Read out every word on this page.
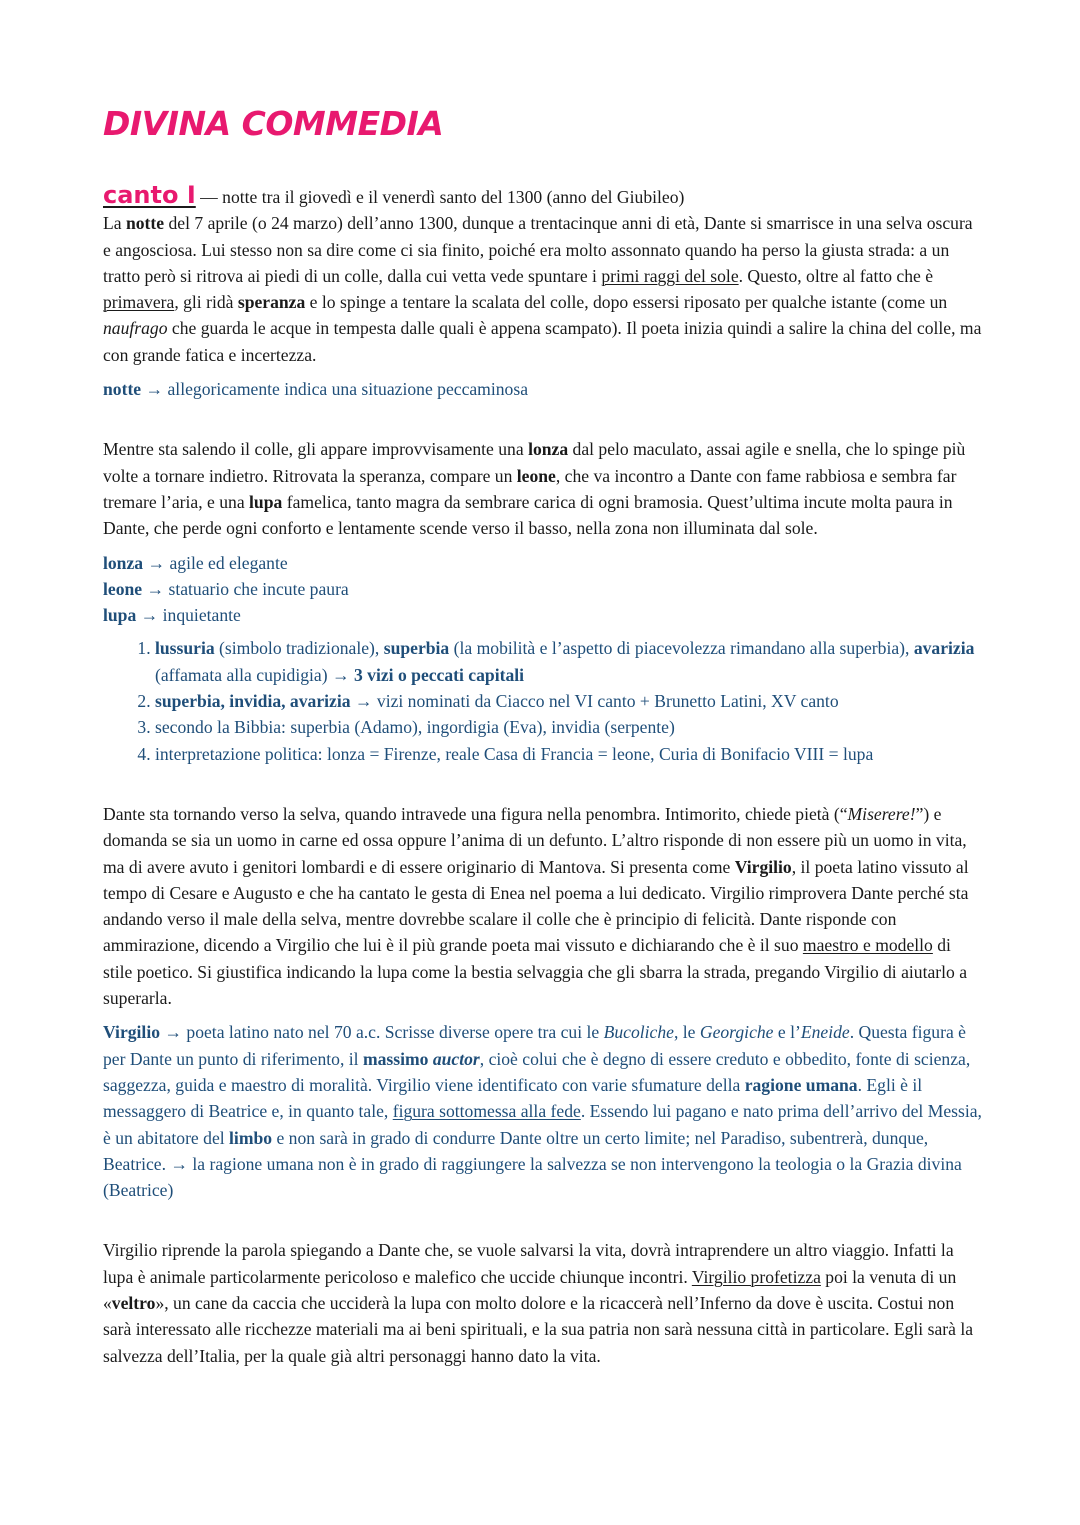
DIVINA COMMEDIA

canto I — notte tra il giovedì e il venerdì santo del 1300 (anno del Giubileo)

La notte del 7 aprile (o 24 marzo) dell’anno 1300, dunque a trentacinque anni di età, Dante si smarrisce in una selva oscura e angosciosa. Lui stesso non sa dire come ci sia finito, poiché era molto assonnato quando ha perso la giusta strada: a un tratto però si ritrova ai piedi di un colle, dalla cui vetta vede spuntare i primi raggi del sole. Questo, oltre al fatto che è primavera, gli ridà speranza e lo spinge a tentare la scalata del colle, dopo essersi riposato per qualche istante (come un naufrago che guarda le acque in tempesta dalle quali è appena scampato). Il poeta inizia quindi a salire la china del colle, ma con grande fatica e incertezza.

notte → allegoricamente indica una situazione peccaminosa

Mentre sta salendo il colle, gli appare improvvisamente una lonza dal pelo maculato, assai agile e snella, che lo spinge più volte a tornare indietro. Ritrovata la speranza, compare un leone, che va incontro a Dante con fame rabbiosa e sembra far tremare l’aria, e una lupa famelica, tanto magra da sembrare carica di ogni bramosia. Quest’ultima incute molta paura in Dante, che perde ogni conforto e lentamente scende verso il basso, nella zona non illuminata dal sole.

lonza → agile ed elegante
leone → statuario che incute paura
lupa → inquietante
1. lussuria (simbolo tradizionale), superbia (la mobilità e l’aspetto di piacevolezza rimandano alla superbia), avarizia (affamata alla cupidigia) → 3 vizi o peccati capitali
2. superbia, invidia, avarizia → vizi nominati da Ciacco nel VI canto + Brunetto Latini, XV canto
3. secondo la Bibbia: superbia (Adamo), ingordigia (Eva), invidia (serpente)
4. interpretazione politica: lonza = Firenze, reale Casa di Francia = leone, Curia di Bonifacio VIII = lupa

Dante sta tornando verso la selva, quando intravede una figura nella penombra. Intimorito, chiede pietà (“Miserere!”) e domanda se sia un uomo in carne ed ossa oppure l’anima di un defunto. L’altro risponde di non essere più un uomo in vita, ma di avere avuto i genitori lombardi e di essere originario di Mantova. Si presenta come Virgilio, il poeta latino vissuto al tempo di Cesare e Augusto e che ha cantato le gesta di Enea nel poema a lui dedicato. Virgilio rimprovera Dante perché sta andando verso il male della selva, mentre dovrebbe scalare il colle che è principio di felicità. Dante risponde con ammirazione, dicendo a Virgilio che lui è il più grande poeta mai vissuto e dichiarando che è il suo maestro e modello di stile poetico. Si giustifica indicando la lupa come la bestia selvaggia che gli sbarra la strada, pregando Virgilio di aiutarlo a superarla.

Virgilio → poeta latino nato nel 70 a.c. Scrisse diverse opere tra cui le Bucoliche, le Georgiche e l’Eneide. Questa figura è per Dante un punto di riferimento, il massimo auctor, cioè colui che è degno di essere creduto e obbedito, fonte di scienza, saggezza, guida e maestro di moralità. Virgilio viene identificato con varie sfumature della ragione umana. Egli è il messaggero di Beatrice e, in quanto tale, figura sottomessa alla fede. Essendo lui pagano e nato prima dell’arrivo del Messia, è un abitatore del limbo e non sarà in grado di condurre Dante oltre un certo limite; nel Paradiso, subentrerà, dunque, Beatrice. → la ragione umana non è in grado di raggiungere la salvezza se non intervengono la teologia o la Grazia divina (Beatrice)

Virgilio riprende la parola spiegando a Dante che, se vuole salvarsi la vita, dovrà intraprendere un altro viaggio. Infatti la lupa è animale particolarmente pericoloso e malefico che uccide chiunque incontri. Virgilio profetizza poi la venuta di un «veltro», un cane da caccia che ucciderà la lupa con molto dolore e la ricaccerà nell’Inferno da dove è uscita. Costui non sarà interessato alle ricchezze materiali ma ai beni spirituali, e la sua patria non sarà nessuna città in particolare. Egli sarà la salvezza dell’Italia, per la quale già altri personaggi hanno dato la vita.
